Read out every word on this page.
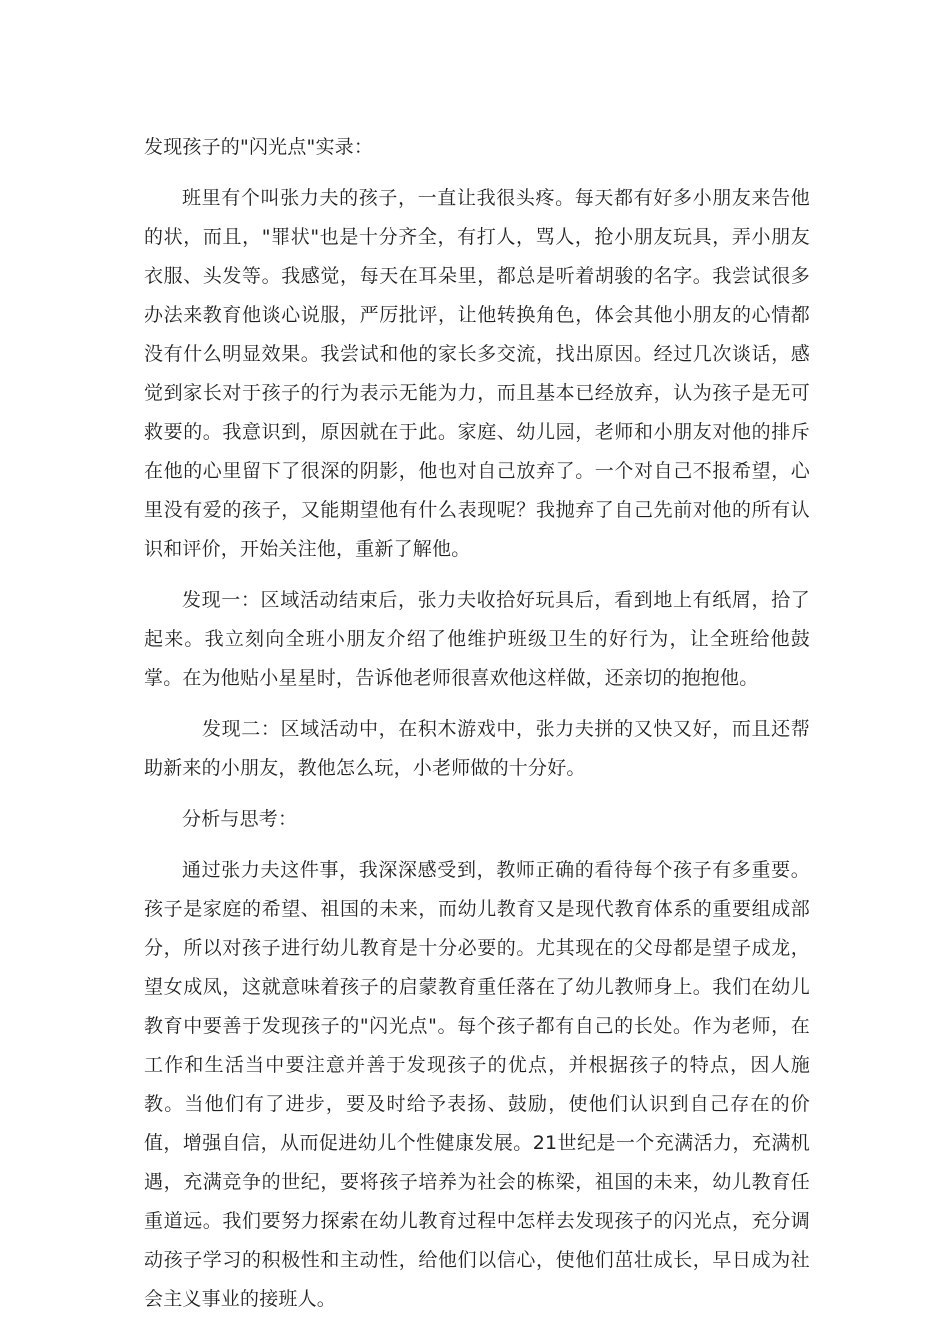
发现孩子的"闪光点"实录：

班里有个叫张力夫的孩子，一直让我很头疼。每天都有好多小朋友来告他的状，而且，"罪状"也是十分齐全，有打人，骂人，抢小朋友玩具，弄小朋友衣服、头发等。我感觉，每天在耳朵里，都总是听着胡骏的名字。我尝试很多办法来教育他谈心说服，严厉批评，让他转换角色，体会其他小朋友的心情都没有什么明显效果。我尝试和他的家长多交流，找出原因。经过几次谈话，感觉到家长对于孩子的行为表示无能为力，而且基本已经放弃，认为孩子是无可救要的。我意识到，原因就在于此。家庭、幼儿园，老师和小朋友对他的排斥在他的心里留下了很深的阴影，他也对自己放弃了。一个对自己不报希望，心里没有爱的孩子，又能期望他有什么表现呢？我抛弃了自己先前对他的所有认识和评价，开始关注他，重新了解他。

发现一：区域活动结束后，张力夫收拾好玩具后，看到地上有纸屑，拾了起来。我立刻向全班小朋友介绍了他维护班级卫生的好行为，让全班给他鼓掌。在为他贴小星星时，告诉他老师很喜欢他这样做，还亲切的抱抱他。

发现二：区域活动中，在积木游戏中，张力夫拼的又快又好，而且还帮助新来的小朋友，教他怎么玩，小老师做的十分好。

分析与思考：

通过张力夫这件事，我深深感受到，教师正确的看待每个孩子有多重要。孩子是家庭的希望、祖国的未来，而幼儿教育又是现代教育体系的重要组成部分，所以对孩子进行幼儿教育是十分必要的。尤其现在的父母都是望子成龙，望女成凤，这就意味着孩子的启蒙教育重任落在了幼儿教师身上。我们在幼儿教育中要善于发现孩子的"闪光点"。每个孩子都有自己的长处。作为老师，在工作和生活当中要注意并善于发现孩子的优点，并根据孩子的特点，因人施教。当他们有了进步，要及时给予表扬、鼓励，使他们认识到自己存在的价值，增强自信，从而促进幼儿个性健康发展。21世纪是一个充满活力，充满机遇，充满竞争的世纪，要将孩子培养为社会的栋梁，祖国的未来，幼儿教育任重道远。我们要努力探索在幼儿教育过程中怎样去发现孩子的闪光点，充分调动孩子学习的积极性和主动性，给他们以信心，使他们茁壮成长，早日成为社会主义事业的接班人。
